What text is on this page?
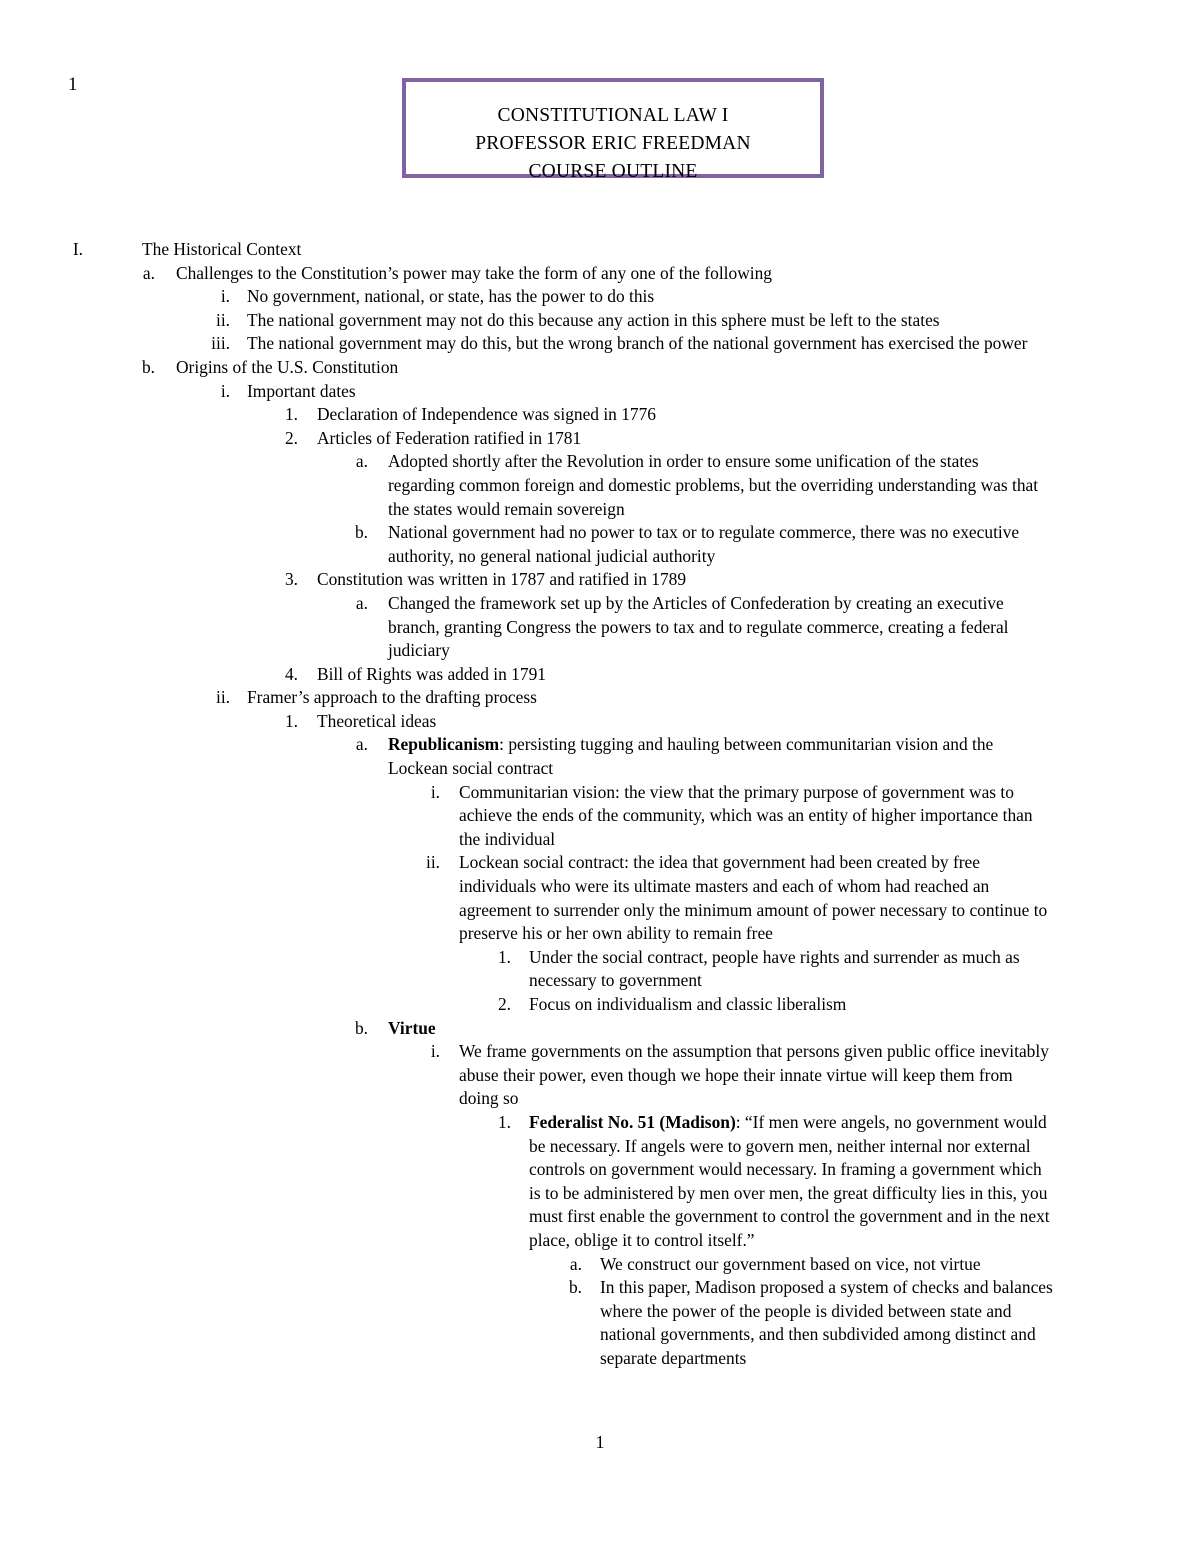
1
CONSTITUTIONAL LAW I
PROFESSOR ERIC FREEDMAN
COURSE OUTLINE
I.	The Historical Context
a. Challenges to the Constitution’s power may take the form of any one of the following
i. No government, national, or state, has the power to do this
ii. The national government may not do this because any action in this sphere must be left to the states
iii. The national government may do this, but the wrong branch of the national government has exercised the power
b. Origins of the U.S. Constitution
i. Important dates
1. Declaration of Independence was signed in 1776
2. Articles of Federation ratified in 1781
a. Adopted shortly after the Revolution in order to ensure some unification of the states
regarding common foreign and domestic problems, but the overriding understanding was that
the states would remain sovereign
b. National government had no power to tax or to regulate commerce, there was no executive
authority, no general national judicial authority
3. Constitution was written in 1787 and ratified in 1789
a. Changed the framework set up by the Articles of Confederation by creating an executive
branch, granting Congress the powers to tax and to regulate commerce, creating a federal
judiciary
4. Bill of Rights was added in 1791
ii. Framer’s approach to the drafting process
1. Theoretical ideas
a. Republicanism: persisting tugging and hauling between communitarian vision and the
Lockean social contract
i. Communitarian vision: the view that the primary purpose of government was to
achieve the ends of the community, which was an entity of higher importance than
the individual
ii. Lockean social contract: the idea that government had been created by free
individuals who were its ultimate masters and each of whom had reached an
agreement to surrender only the minimum amount of power necessary to continue to
preserve his or her own ability to remain free
1. Under the social contract, people have rights and surrender as much as
necessary to government
2. Focus on individualism and classic liberalism
b. Virtue
i. We frame governments on the assumption that persons given public office inevitably
abuse their power, even though we hope their innate virtue will keep them from
doing so
1. Federalist No. 51 (Madison): “If men were angels, no government would
be necessary. If angels were to govern men, neither internal nor external
controls on government would necessary. In framing a government which
is to be administered by men over men, the great difficulty lies in this, you
must first enable the government to control the government and in the next
place, oblige it to control itself.”
a. We construct our government based on vice, not virtue
b. In this paper, Madison proposed a system of checks and balances
where the power of the people is divided between state and
national governments, and then subdivided among distinct and
separate departments
1
